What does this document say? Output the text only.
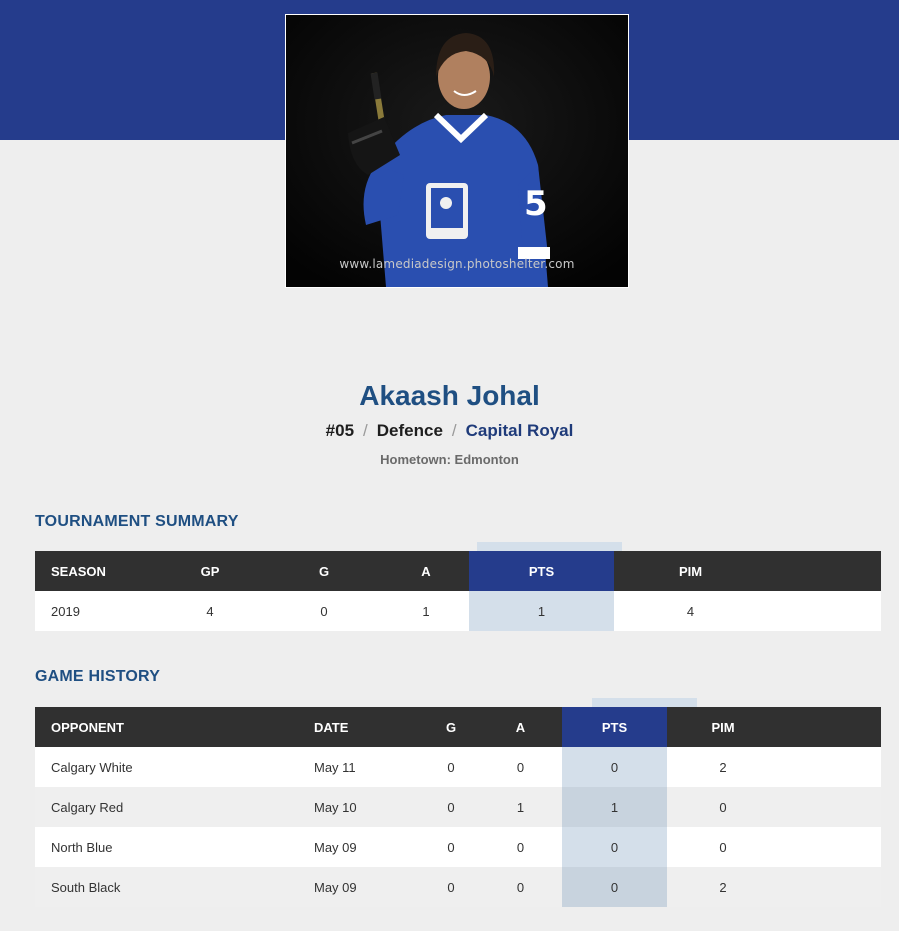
5
www.lamediadesign.photoshelter.com
Akaash Johal
#05 / Defence / Capital Royal
Hometown: Edmonton
TOURNAMENT SUMMARY
SEASON	GP	G	A	PTS	PIM	
2019	4	0	1	1	4	
GAME HISTORY
OPPONENT	DATE	G	A	PTS	PIM	
Calgary White	May 11	0	0	0	2	
Calgary Red	May 10	0	1	1	0	
North Blue	May 09	0	0	0	0	
South Black	May 09	0	0	0	2	
